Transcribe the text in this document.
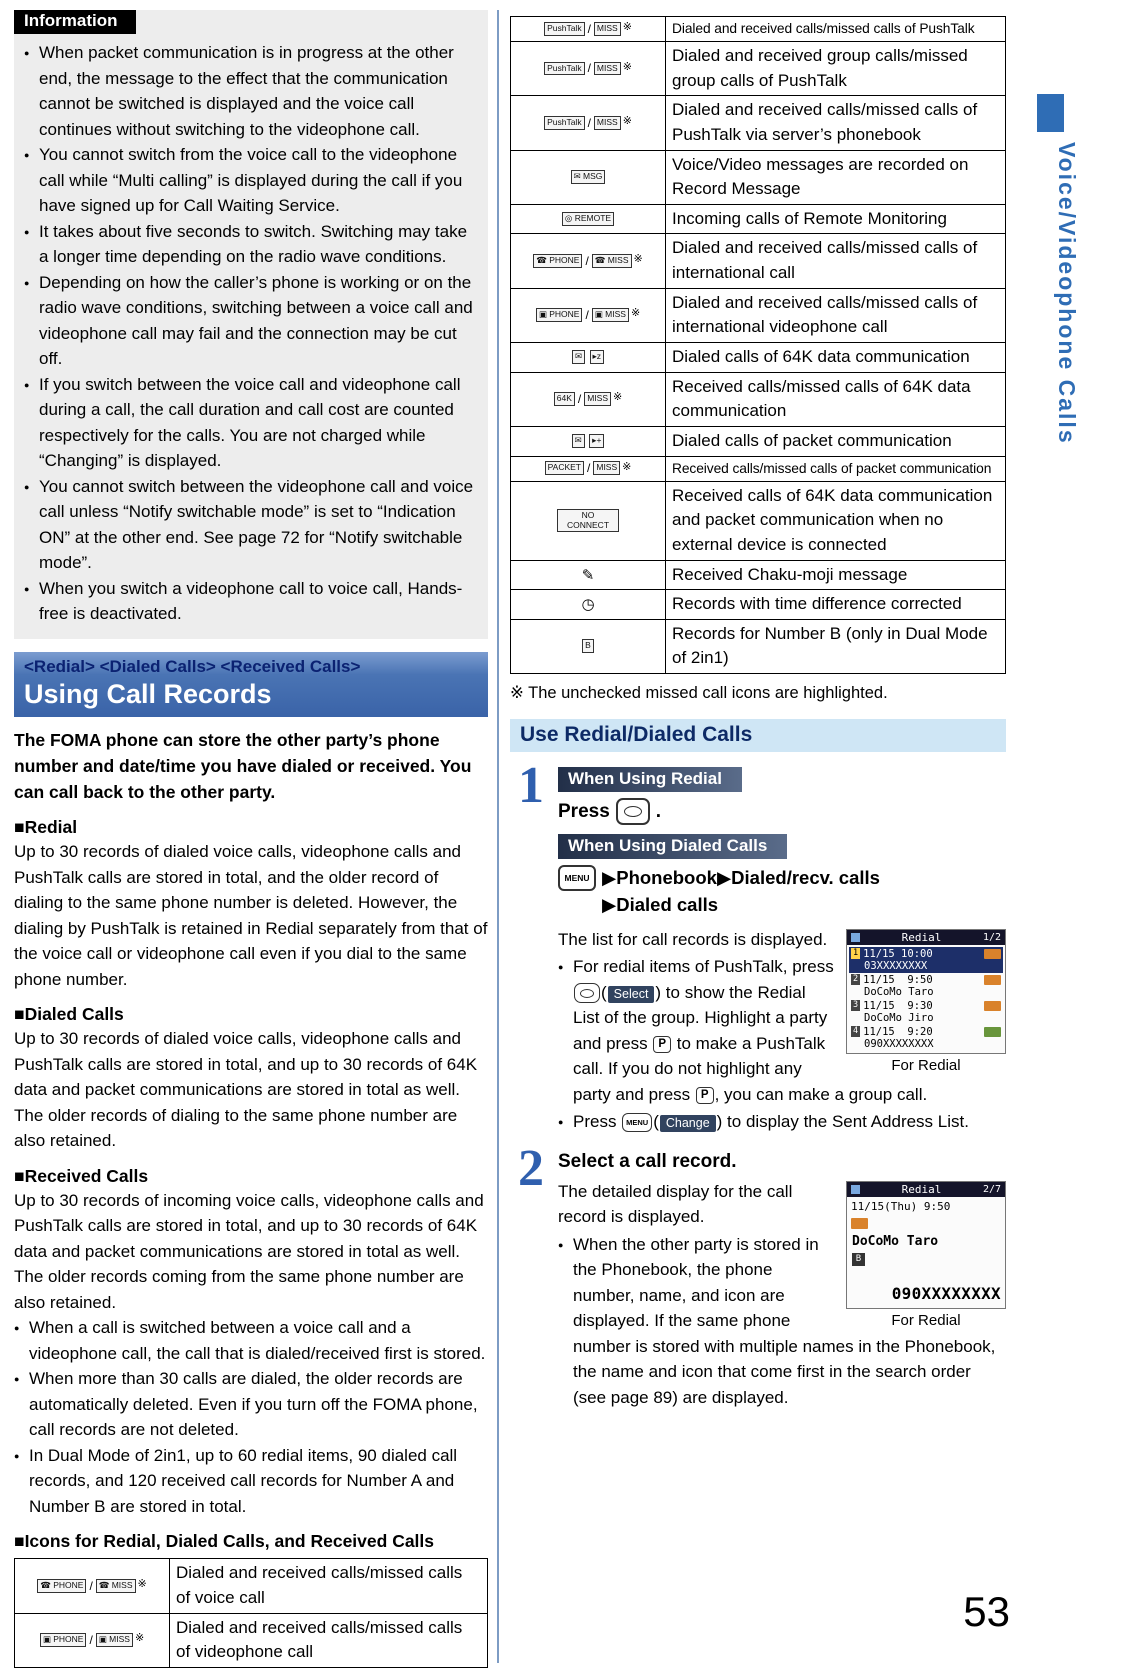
Information
● When packet communication is in progress at the other end, the message to the effect that the communication cannot be switched is displayed and the voice call continues without switching to the videophone call.
● You cannot switch from the voice call to the videophone call while “Multi calling” is displayed during the call if you have signed up for Call Waiting Service.
● It takes about five seconds to switch. Switching may take a longer time depending on the radio wave conditions.
● Depending on how the caller’s phone is working or on the radio wave conditions, switching between a voice call and videophone call may fail and the connection may be cut off.
● If you switch between the voice call and videophone call during a call, the call duration and call cost are counted respectively for the calls. You are not charged while “Changing” is displayed.
● You cannot switch between the videophone call and voice call unless “Notify switchable mode” is set to “Indication ON” at the other end. See page 72 for “Notify switchable mode”.
● When you switch a videophone call to voice call, Hands-free is deactivated.
<Redial> <Dialed Calls> <Received Calls>
Using Call Records

The FOMA phone can store the other party’s phone number and date/time you have dialed or received. You can call back to the other party.

■Redial

Up to 30 records of dialed voice calls, videophone calls and PushTalk calls are stored in total, and the older record of dialing to the same phone number is deleted. However, the dialing by PushTalk is retained in Redial separately from that of the voice call or videophone call even if you dial to the same phone number.

■Dialed Calls

Up to 30 records of dialed voice calls, videophone calls and PushTalk calls are stored in total, and up to 30 records of 64K data and packet communications are stored in total as well. The older records of dialing to the same phone number are also retained.

■Received Calls

Up to 30 records of incoming voice calls, videophone calls and PushTalk calls are stored in total, and up to 30 records of 64K data and packet communications are stored in total as well. The older records coming from the same phone number are also retained.

● When a call is switched between a voice call and a videophone call, the call that is dialed/received first is stored.
● When more than 30 calls are dialed, the older records are automatically deleted. Even if you turn off the FOMA phone, call records are not deleted.
● In Dual Mode of 2in1, up to 60 redial items, 90 dialed call records, and 120 received call records for Number A and Number B are stored in total.
■Icons for Redial, Dialed Calls, and Received Calls
☎ PHONE / ☎ MISS ※	Dialed and received calls/missed calls of voice call
▣ PHONE / ▣ MISS ※	Dialed and received calls/missed calls of videophone call
PushTalk / MISS ※	Dialed and received calls/missed calls of PushTalk
PushTalk / MISS ※	Dialed and received group calls/missed group calls of PushTalk
PushTalk / MISS ※	Dialed and received calls/missed calls of PushTalk via server’s phonebook
✉ MSG	Voice/Video messages are recorded on Record Message
◎ REMOTE	Incoming calls of Remote Monitoring
☎ PHONE / ☎ MISS ※	Dialed and received calls/missed calls of international call
▣ PHONE / ▣ MISS ※	Dialed and received calls/missed calls of international videophone call
✉ ▸z	Dialed calls of 64K data communication
64K / MISS ※	Received calls/missed calls of 64K data communication
✉ ▸+	Dialed calls of packet communication
PACKET / MISS ※	Received calls/missed calls of packet communication
NO CONNECT	Received calls of 64K data communication and packet communication when no external device is connected
✎	Received Chaku-moji message
◷	Records with time difference corrected
B	Records for Number B (only in Dual Mode of 2in1)

※ The unchecked missed call icons are highlighted.

Use Redial/Dialed Calls
1	When Using Redial
Press .
When Using Dialed Calls
MENU ▶Phonebook▶Dialed/recv. calls
▶Dialed calls
Redial	1/2
1 11/15 10:00
03XXXXXXXX
2 11/15  9:50
DoCoMo Taro
3 11/15  9:30
DoCoMo Jiro
4 11/15  9:20
090XXXXXXXX
For Redial

The list for call records is displayed.

● For redial items of PushTalk, press
( Select ) to show the Redial List of the group. Highlight a party and press P to make a PushTalk call. If you do not highlight any party and press P , you can make a group call.
● Press MENU ( Change ) to display the Sent Address List.
2 Select a call record.
Redial	2/7
11/15(Thu) 9:50
DoCoMo Taro
B
090XXXXXXXX
For Redial

The detailed display for the call record is displayed.

● When the other party is stored in the Phonebook, the phone number, name, and icon are displayed. If the same phone number is stored with multiple names in the Phonebook, the name and icon that come first in the search order (see page 89) are displayed.
Voice/Videophone Calls
53
